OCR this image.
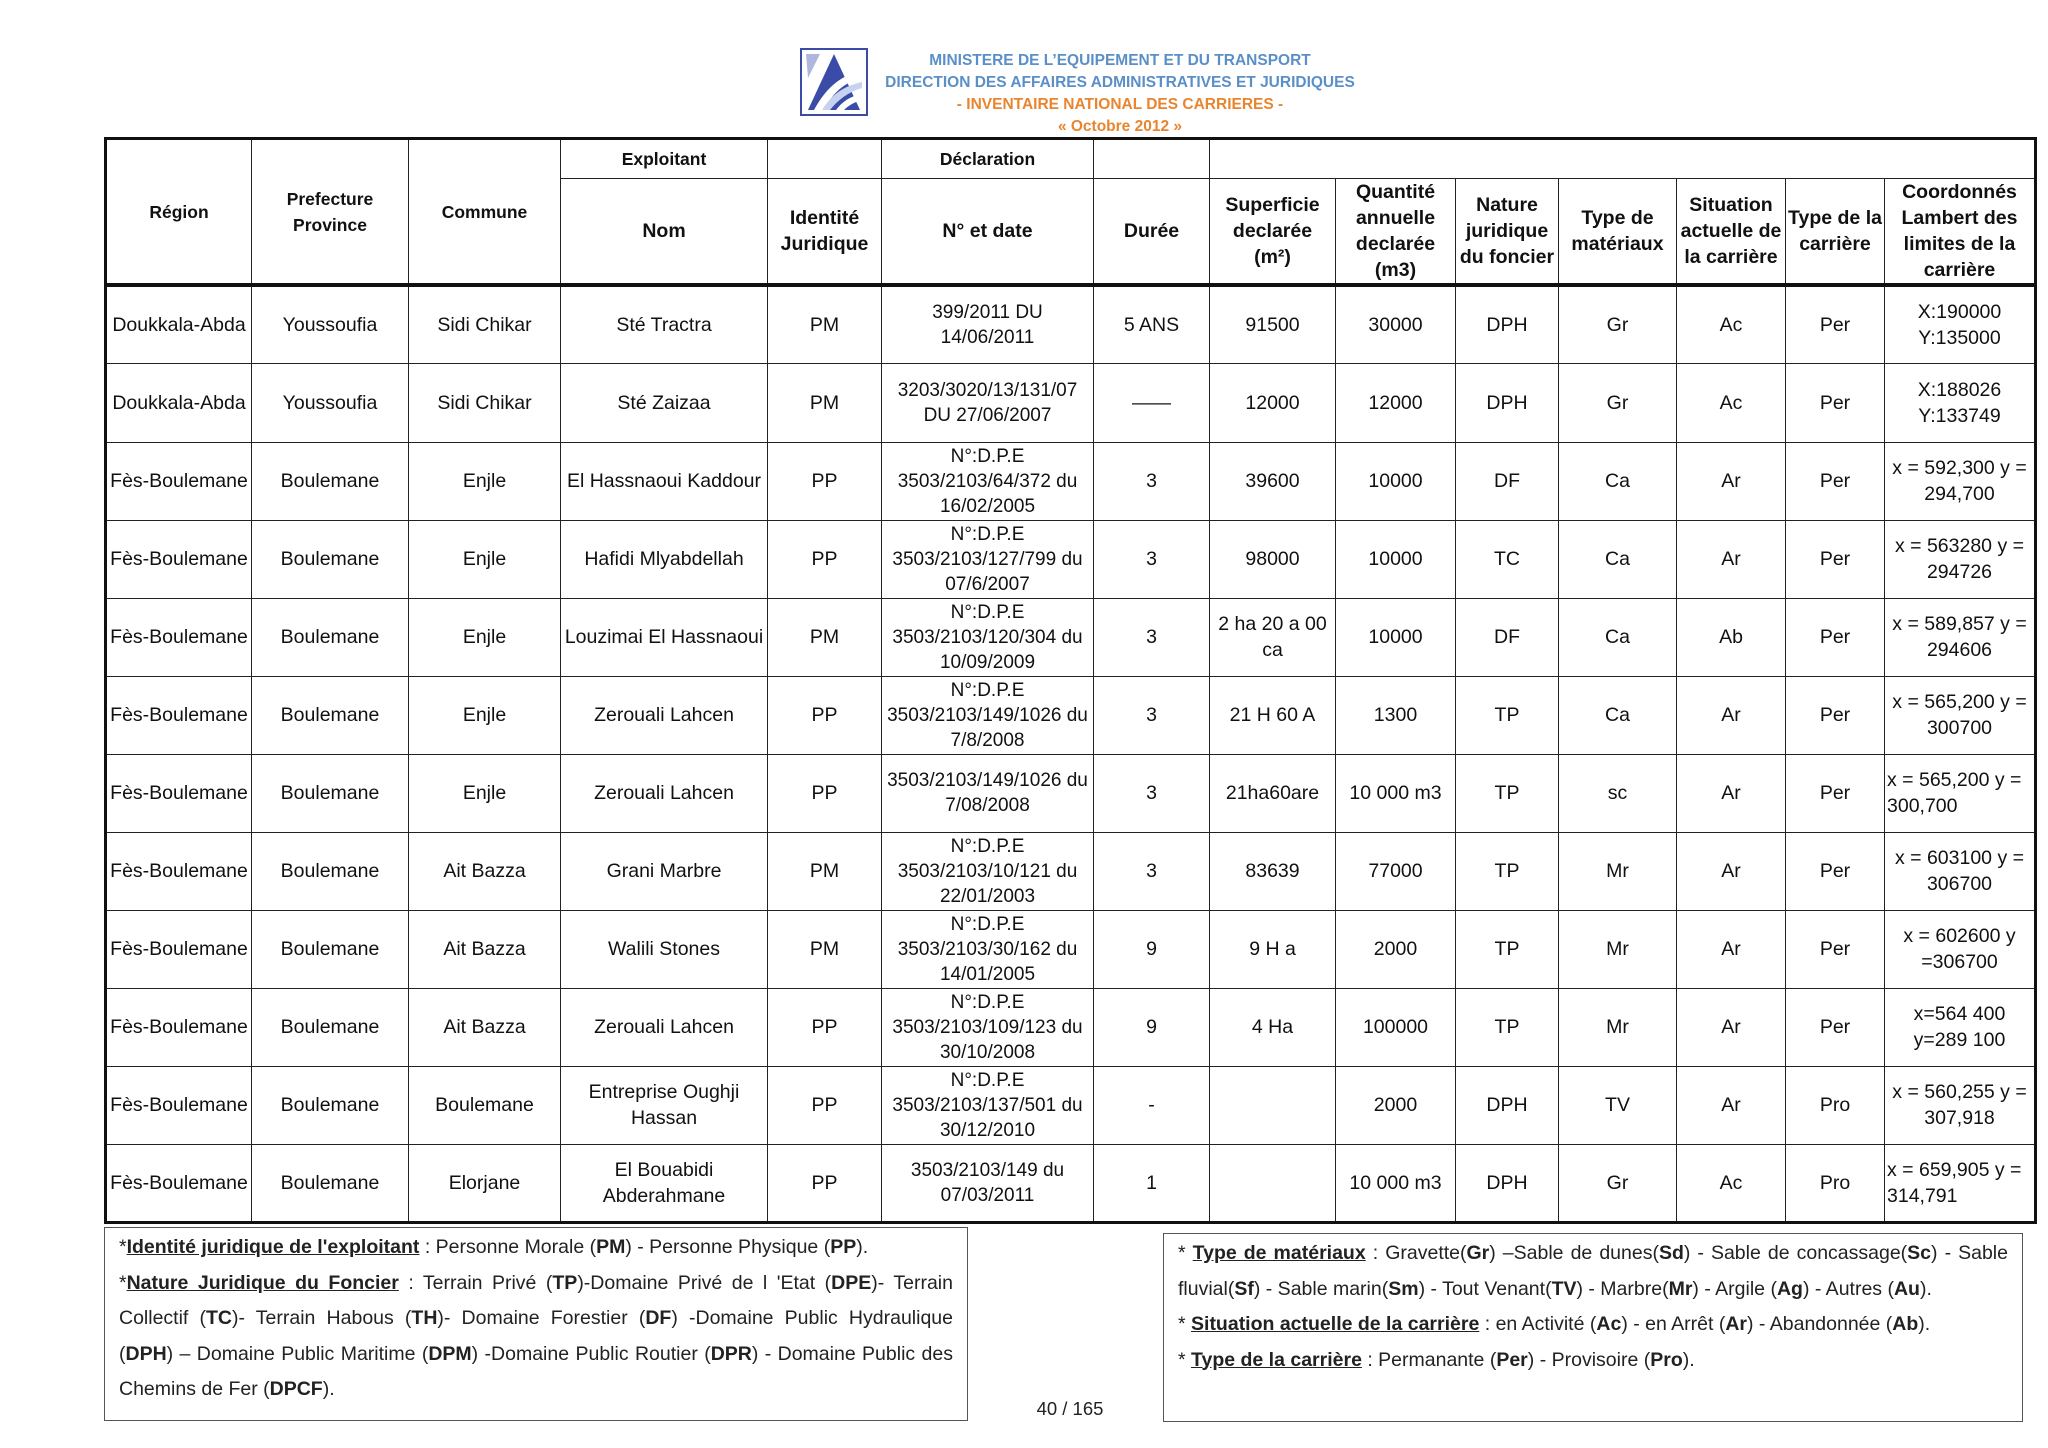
MINISTERE DE L’EQUIPEMENT ET DU TRANSPORT
DIRECTION DES AFFAIRES ADMINISTRATIVES ET JURIDIQUES
- INVENTAIRE NATIONAL DES CARRIERES -
« Octobre 2012 »
Région	Prefecture Province	Commune	Exploitant		Déclaration								
			Nom	Identité Juridique	N° et date	Durée	Superficie declarée (m²)	Quantité annuelle declarée (m3)	Nature juridique du foncier	Type de matériaux	Situation actuelle de la carrière	Type de la carrière	Coordonnés Lambert des limites de la carrière
Doukkala-Abda	Youssoufia	Sidi Chikar	Sté Tractra	PM	399/2011 DU 14/06/2011	5 ANS	91500	30000	DPH	Gr	Ac	Per	X:190000 Y:135000
Doukkala-Abda	Youssoufia	Sidi Chikar	Sté Zaizaa	PM	3203/3020/13/131/07 DU 27/06/2007	——	12000	12000	DPH	Gr	Ac	Per	X:188026 Y:133749
Fès-Boulemane	Boulemane	Enjle	El Hassnaoui Kaddour	PP	N°:D.P.E 3503/2103/64/372 du 16/02/2005	3	39600	10000	DF	Ca	Ar	Per	x = 592,300 y = 294,700
Fès-Boulemane	Boulemane	Enjle	Hafidi Mlyabdellah	PP	N°:D.P.E 3503/2103/127/799 du 07/6/2007	3	98000	10000	TC	Ca	Ar	Per	x = 563280 y = 294726
Fès-Boulemane	Boulemane	Enjle	Louzimai El Hassnaoui	PM	N°:D.P.E 3503/2103/120/304 du 10/09/2009	3	2 ha 20 a 00 ca	10000	DF	Ca	Ab	Per	x = 589,857 y = 294606
Fès-Boulemane	Boulemane	Enjle	Zerouali Lahcen	PP	N°:D.P.E 3503/2103/149/1026 du 7/8/2008	3	21 H 60 A	1300	TP	Ca	Ar	Per	x = 565,200 y = 300700
Fès-Boulemane	Boulemane	Enjle	Zerouali Lahcen	PP	3503/2103/149/1026 du 7/08/2008	3	21ha60are	10 000 m3	TP	sc	Ar	Per	x = 565,200 y = 300,700
Fès-Boulemane	Boulemane	Ait Bazza	Grani Marbre	PM	N°:D.P.E 3503/2103/10/121 du 22/01/2003	3	83639	77000	TP	Mr	Ar	Per	x = 603100 y = 306700
Fès-Boulemane	Boulemane	Ait Bazza	Walili Stones	PM	N°:D.P.E 3503/2103/30/162 du 14/01/2005	9	9 H a	2000	TP	Mr	Ar	Per	x = 602600 y =306700
Fès-Boulemane	Boulemane	Ait Bazza	Zerouali Lahcen	PP	N°:D.P.E 3503/2103/109/123 du 30/10/2008	9	4 Ha	100000	TP	Mr	Ar	Per	x=564 400 y=289 100
Fès-Boulemane	Boulemane	Boulemane	Entreprise Oughji Hassan	PP	N°:D.P.E 3503/2103/137/501 du 30/12/2010	-		2000	DPH	TV	Ar	Pro	x = 560,255 y = 307,918
Fès-Boulemane	Boulemane	Elorjane	El Bouabidi Abderahmane	PP	3503/2103/149 du 07/03/2011	1		10 000 m3	DPH	Gr	Ac	Pro	x = 659,905 y = 314,791
*Identité juridique de l'exploitant : Personne Morale (PM) - Personne Physique (PP).
*Nature Juridique du Foncier : Terrain Privé (TP)-Domaine Privé de l 'Etat (DPE)- Terrain Collectif (TC)- Terrain Habous (TH)- Domaine Forestier (DF) -Domaine Public Hydraulique (DPH) – Domaine Public Maritime (DPM) -Domaine Public Routier (DPR) - Domaine Public des Chemins de Fer (DPCF).
* Type de matériaux : Gravette(Gr) –Sable de dunes(Sd) - Sable de concassage(Sc) - Sable fluvial(Sf) - Sable marin(Sm) - Tout Venant(TV) - Marbre(Mr) - Argile (Ag) - Autres (Au).
* Situation actuelle de la carrière : en Activité (Ac) - en Arrêt (Ar) - Abandonnée (Ab).
* Type de la carrière : Permanante (Per) - Provisoire (Pro).
40 / 165
